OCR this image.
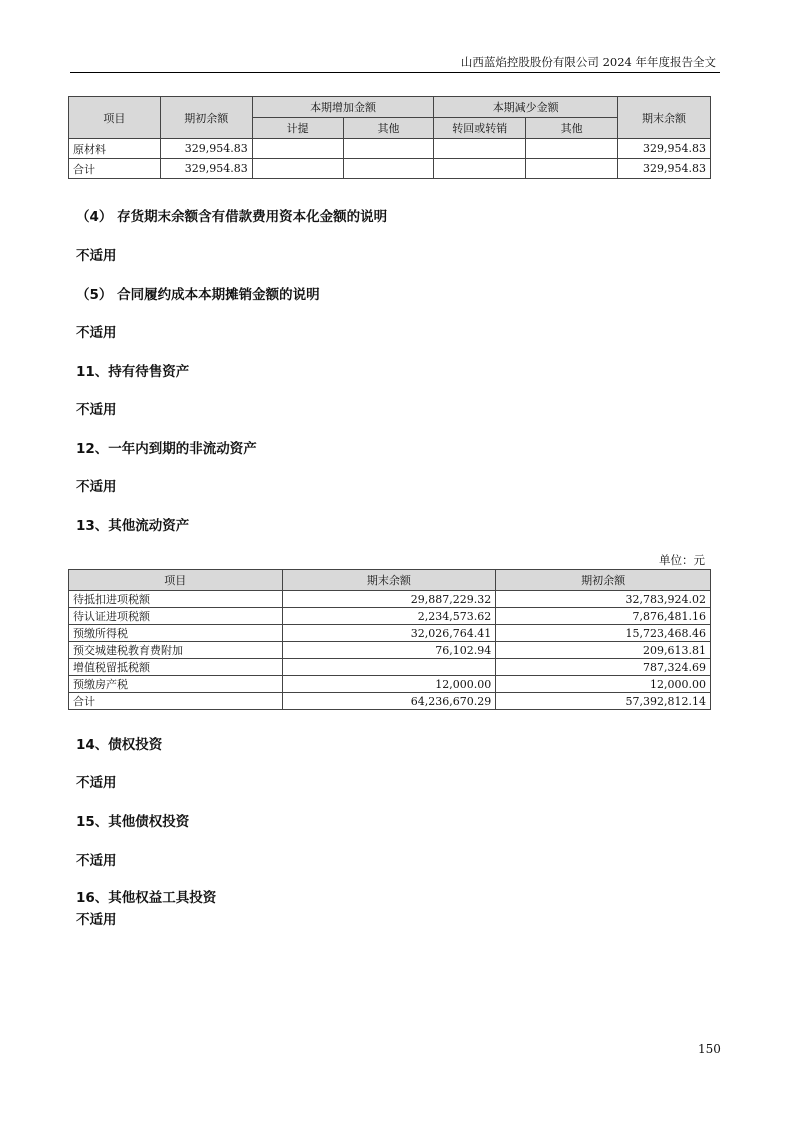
山西蓝焰控股股份有限公司 2024 年年度报告全文
项目	期初余额	本期增加金额		本期减少金额		期末余额
		计提	其他	转回或转销	其他	
原材料	329,954.83					329,954.83
合计	329,954.83					329,954.83
（4） 存货期末余额含有借款费用资本化金额的说明
不适用
（5） 合同履约成本本期摊销金额的说明
不适用
11、持有待售资产
不适用
12、一年内到期的非流动资产
不适用
13、其他流动资产
单位：元
项目	期末余额	期初余额
待抵扣进项税额	29,887,229.32	32,783,924.02
待认证进项税额	2,234,573.62	7,876,481.16
预缴所得税	32,026,764.41	15,723,468.46
预交城建税教育费附加	76,102.94	209,613.81
增值税留抵税额		787,324.69
预缴房产税	12,000.00	12,000.00
合计	64,236,670.29	57,392,812.14
14、债权投资
不适用
15、其他债权投资
不适用
16、其他权益工具投资
不适用
150
